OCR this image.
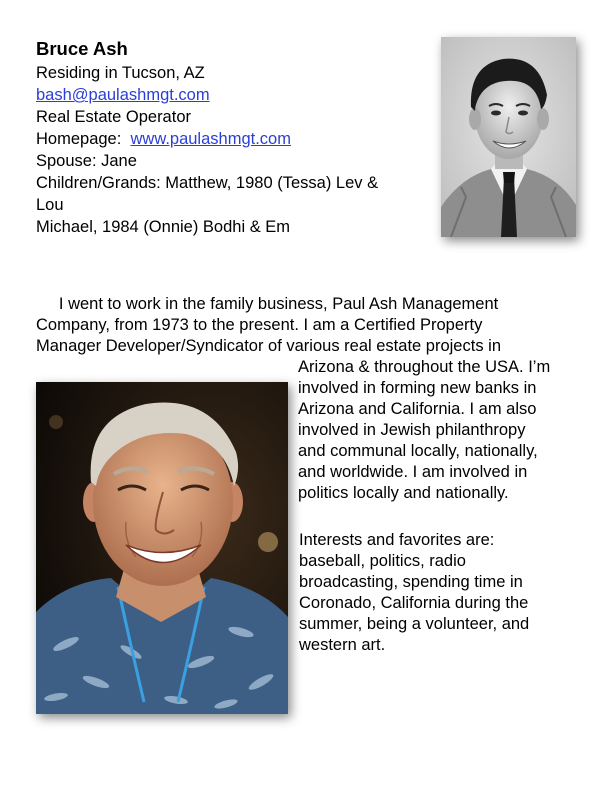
Bruce Ash
Residing in Tucson, AZ
bash@paulashmgt.com
Real Estate Operator
Homepage:  www.paulashmgt.com
Spouse: Jane
Children/Grands: Matthew, 1980 (Tessa) Lev &
Lou
Michael, 1984 (Onnie) Bodhi & Em
I went to work in the family business, Paul Ash Management
Company, from 1973 to the present. I am a Certified Property
Manager Developer/Syndicator of various real estate projects in
Arizona & throughout the USA. I’m
involved in forming new banks in
Arizona and California. I am also
involved in Jewish philanthropy
and communal locally, nationally,
and worldwide. I am involved in
politics locally and nationally.
Interests and favorites are:
baseball, politics, radio
broadcasting, spending time in
Coronado, California during the
summer, being a volunteer, and
western art.
